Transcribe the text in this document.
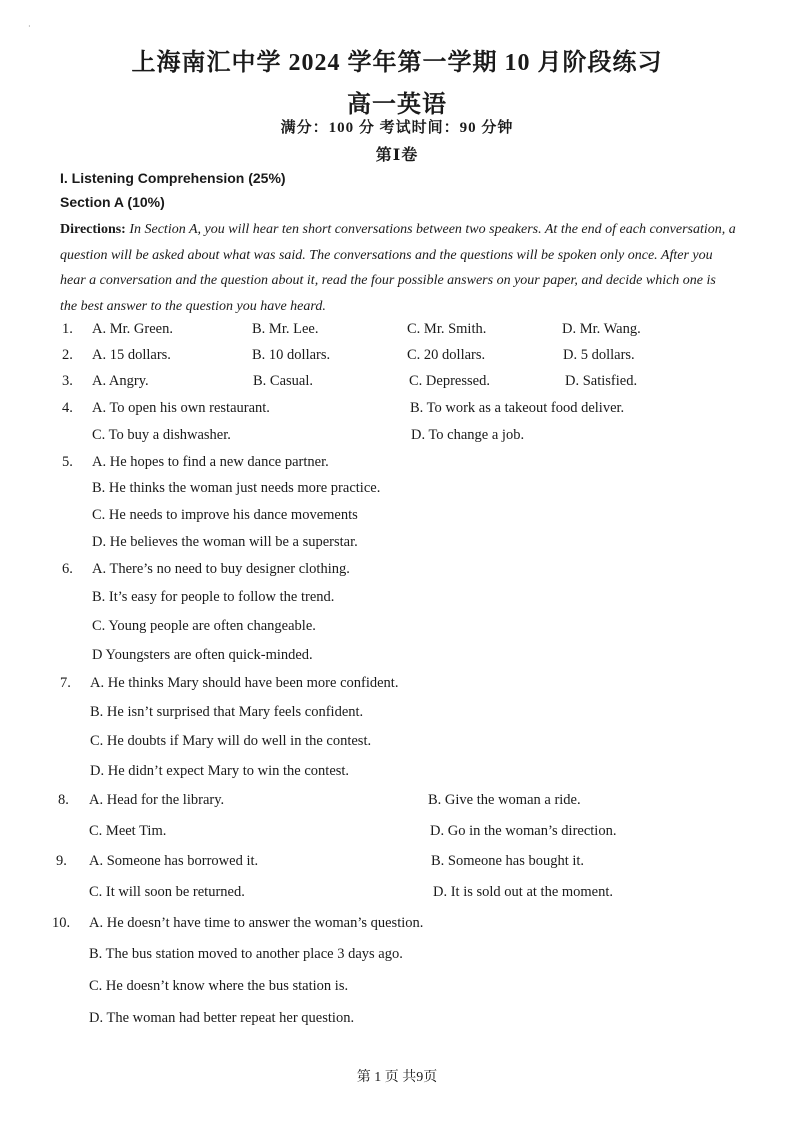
·
上海南汇中学 2024 学年第一学期 10 月阶段练习
高一英语
满分：100 分 考试时间：90 分钟
第Ⅰ卷
I. Listening Comprehension (25%)
Section A (10%)
Directions: In Section A, you will hear ten short conversations between two speakers. At the end of each conversation, a question will be asked about what was said. The conversations and the questions will be spoken only once. After you hear a conversation and the question about it, read the four possible answers on your paper, and decide which one is the best answer to the question you have heard.
1. A. Mr. Green.	B. Mr. Lee.	C. Mr. Smith.	D. Mr. Wang.
2. A. 15 dollars.	B. 10 dollars.	C. 20 dollars.	D. 5 dollars.
3. A. Angry.	B. Casual.	C. Depressed.	D. Satisfied.
4. A. To open his own restaurant.	B. To work as a takeout food deliver.
C. To buy a dishwasher.	D. To change a job.
5. A. He hopes to find a new dance partner.
B. He thinks the woman just needs more practice.
C. He needs to improve his dance movements
D. He believes the woman will be a superstar.
6. A. There’s no need to buy designer clothing.
B. It’s easy for people to follow the trend.
C. Young people are often changeable.
D Youngsters are often quick-minded.
7. A. He thinks Mary should have been more confident.
B. He isn’t surprised that Mary feels confident.
C. He doubts if Mary will do well in the contest.
D. He didn’t expect Mary to win the contest.
8. A. Head for the library.	B. Give the woman a ride.
C. Meet Tim.	D. Go in the woman’s direction.
9. A. Someone has borrowed it.	B. Someone has bought it.
C. It will soon be returned.	D. It is sold out at the moment.
10. A. He doesn’t have time to answer the woman’s question.
B. The bus station moved to another place 3 days ago.
C. He doesn’t know where the bus station is.
D. The woman had better repeat her question.
第 1 页 共9页
